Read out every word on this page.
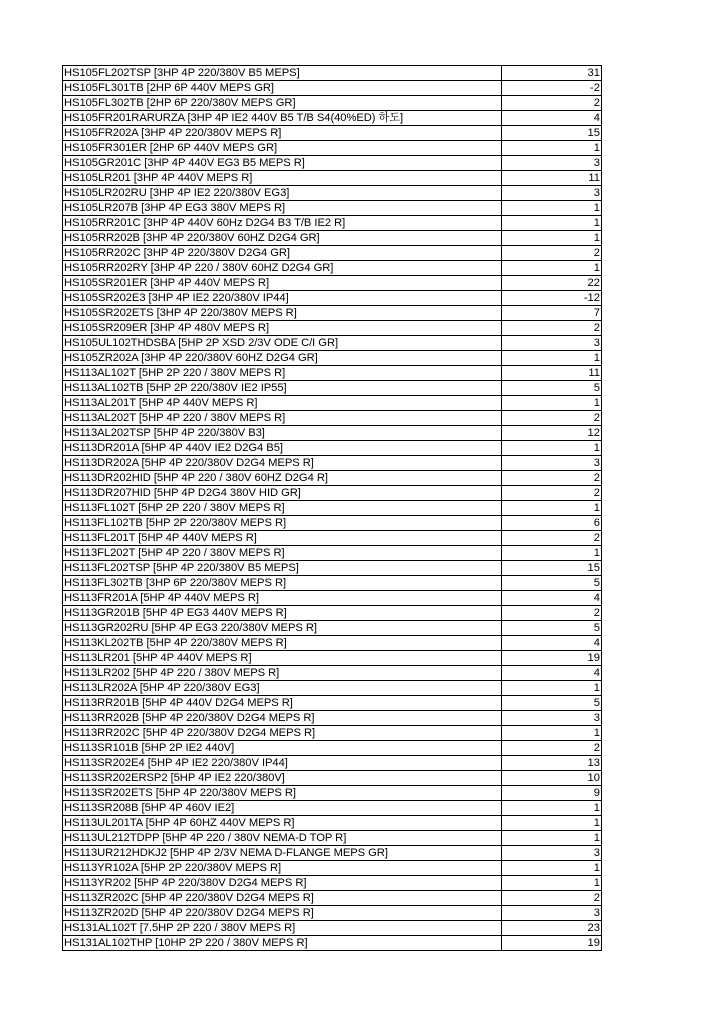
HS105FL202TSP [3HP 4P 220/380V B5 MEPS]	31
HS105FL301TB [2HP 6P 440V MEPS GR]	-2
HS105FL302TB [2HP 6P 220/380V MEPS GR]	2
HS105FR201RARURZA [3HP 4P IE2 440V B5 T/B S4(40%ED) 하도]	4
HS105FR202A [3HP 4P 220/380V MEPS R]	15
HS105FR301ER [2HP 6P 440V MEPS GR]	1
HS105GR201C [3HP 4P 440V EG3 B5 MEPS R]	3
HS105LR201 [3HP 4P 440V MEPS R]	11
HS105LR202RU [3HP 4P IE2 220/380V EG3]	3
HS105LR207B [3HP 4P EG3 380V MEPS R]	1
HS105RR201C [3HP 4P 440V 60Hz D2G4 B3 T/B IE2 R]	1
HS105RR202B [3HP 4P 220/380V 60HZ D2G4 GR]	1
HS105RR202C [3HP 4P 220/380V D2G4 GR]	2
HS105RR202RY [3HP 4P 220 / 380V 60HZ D2G4 GR]	1
HS105SR201ER [3HP 4P 440V MEPS R]	22
HS105SR202E3 [3HP 4P IE2 220/380V IP44]	-12
HS105SR202ETS [3HP 4P 220/380V MEPS R]	7
HS105SR209ER [3HP 4P 480V MEPS R]	2
HS105UL102THDSBA [5HP 2P XSD 2/3V ODE C/I GR]	3
HS105ZR202A [3HP 4P 220/380V 60HZ D2G4 GR]	1
HS113AL102T [5HP 2P 220 / 380V MEPS R]	11
HS113AL102TB [5HP 2P 220/380V IE2 IP55]	5
HS113AL201T [5HP 4P 440V MEPS R]	1
HS113AL202T [5HP 4P 220 / 380V MEPS R]	2
HS113AL202TSP [5HP 4P 220/380V B3]	12
HS113DR201A [5HP 4P 440V IE2 D2G4 B5]	1
HS113DR202A [5HP 4P 220/380V D2G4 MEPS R]	3
HS113DR202HID [5HP 4P 220 / 380V 60HZ D2G4 R]	2
HS113DR207HID [5HP 4P D2G4 380V HID GR]	2
HS113FL102T [5HP 2P 220 / 380V MEPS R]	1
HS113FL102TB [5HP 2P 220/380V MEPS R]	6
HS113FL201T [5HP 4P 440V MEPS R]	2
HS113FL202T [5HP 4P 220 / 380V MEPS R]	1
HS113FL202TSP [5HP 4P 220/380V B5 MEPS]	15
HS113FL302TB [3HP 6P 220/380V MEPS R]	5
HS113FR201A [5HP 4P 440V MEPS R]	4
HS113GR201B [5HP 4P EG3 440V MEPS R]	2
HS113GR202RU [5HP 4P EG3 220/380V MEPS R]	5
HS113KL202TB [5HP 4P 220/380V MEPS R]	4
HS113LR201 [5HP 4P 440V MEPS R]	19
HS113LR202 [5HP 4P 220 / 380V MEPS R]	4
HS113LR202A [5HP 4P 220/380V EG3]	1
HS113RR201B [5HP 4P 440V D2G4 MEPS R]	5
HS113RR202B [5HP 4P 220/380V D2G4 MEPS R]	3
HS113RR202C [5HP 4P 220/380V D2G4 MEPS R]	1
HS113SR101B [5HP 2P IE2 440V]	2
HS113SR202E4 [5HP 4P IE2 220/380V IP44]	13
HS113SR202ERSP2 [5HP 4P IE2 220/380V]	10
HS113SR202ETS [5HP 4P 220/380V MEPS R]	9
HS113SR208B [5HP 4P 460V IE2]	1
HS113UL201TA [5HP 4P 60HZ 440V MEPS R]	1
HS113UL212TDPP [5HP 4P 220 / 380V NEMA-D TOP R]	1
HS113UR212HDKJ2 [5HP 4P 2/3V NEMA D-FLANGE MEPS GR]	3
HS113YR102A [5HP 2P 220/380V MEPS R]	1
HS113YR202 [5HP 4P 220/380V D2G4 MEPS R]	1
HS113ZR202C [5HP 4P 220/380V D2G4 MEPS R]	2
HS113ZR202D [5HP 4P 220/380V D2G4 MEPS R]	3
HS131AL102T [7.5HP 2P 220 / 380V MEPS R]	23
HS131AL102THP [10HP 2P 220 / 380V MEPS R]	19
